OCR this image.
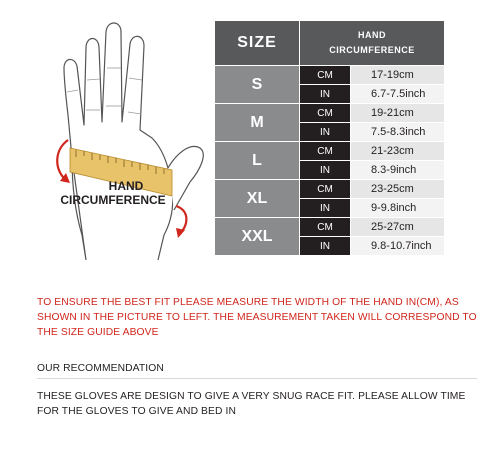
HAND
CIRCUMFERENCE
SIZE	HAND
CIRCUMFERENCE	
S	CM	17-19cm
	IN	6.7-7.5inch
M	CM	19-21cm
	IN	7.5-8.3inch
L	CM	21-23cm
	IN	8.3-9inch
XL	CM	23-25cm
	IN	9-9.8inch
XXL	CM	25-27cm
	IN	9.8-10.7inch

TO ENSURE THE BEST FIT PLEASE MEASURE THE WIDTH OF THE HAND IN(CM), AS SHOWN IN THE PICTURE TO LEFT. THE MEASUREMENT TAKEN WILL CORRESPOND TO THE SIZE GUIDE ABOVE

OUR RECOMMENDATION

THESE GLOVES ARE DESIGN TO GIVE A VERY SNUG RACE FIT. PLEASE ALLOW TIME FOR THE GLOVES TO GIVE AND BED IN
